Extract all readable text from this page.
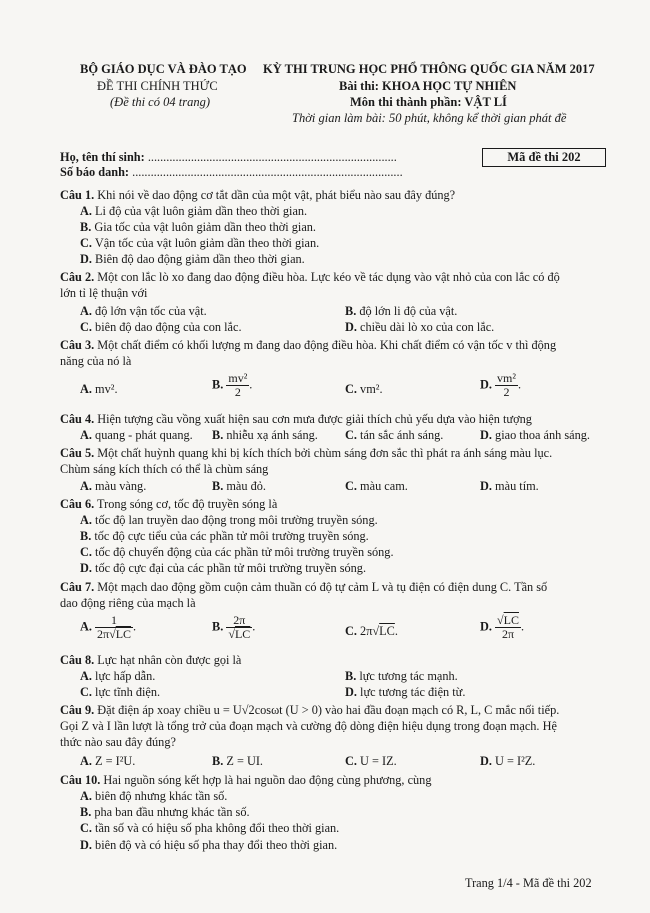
BỘ GIÁO DỤC VÀ ĐÀO TẠO
ĐỀ THI CHÍNH THỨC
(Đề thi có 04 trang)
KỲ THI TRUNG HỌC PHỔ THÔNG QUỐC GIA NĂM 2017
Bài thi: KHOA HỌC TỰ NHIÊN
Môn thi thành phần: VẬT LÍ
Thời gian làm bài: 50 phút, không kể thời gian phát đề
Họ, tên thí sinh: .................................................................................
Số báo danh: ........................................................................................
Mã đề thi 202
Câu 1. Khi nói về dao động cơ tắt dần của một vật, phát biểu nào sau đây đúng?
A. Li độ của vật luôn giảm dần theo thời gian.
B. Gia tốc của vật luôn giảm dần theo thời gian.
C. Vận tốc của vật luôn giảm dần theo thời gian.
D. Biên độ dao động giảm dần theo thời gian.
Câu 2. Một con lắc lò xo đang dao động điều hòa. Lực kéo về tác dụng vào vật nhỏ của con lắc có độ
lớn tỉ lệ thuận với
A. độ lớn vận tốc của vật.	B. độ lớn li độ của vật.
C. biên độ dao động của con lắc.	D. chiều dài lò xo của con lắc.
Câu 3. Một chất điểm có khối lượng m đang dao động điều hòa. Khi chất điểm có vận tốc v thì động
năng của nó là
A. mv².	B. $\frac{\text{mv²}}{2}$ .	C. vm².	D. $\frac{\text{vm²}}{2}$ .
Câu 4. Hiện tượng cầu vồng xuất hiện sau cơn mưa được giải thích chủ yếu dựa vào hiện tượng
A. quang - phát quang. B. nhiễu xạ ánh sáng. C. tán sắc ánh sáng.	D. giao thoa ánh sáng.
Câu 5. Một chất huỳnh quang khi bị kích thích bởi chùm sáng đơn sắc thì phát ra ánh sáng màu lục.
Chùm sáng kích thích có thể là chùm sáng
A. màu vàng.	B. màu đỏ.	C. màu cam.	D. màu tím.
Câu 6. Trong sóng cơ, tốc độ truyền sóng là
A. tốc độ lan truyền dao động trong môi trường truyền sóng.
B. tốc độ cực tiểu của các phần tử môi trường truyền sóng.
C. tốc độ chuyển động của các phần tử môi trường truyền sóng.
D. tốc độ cực đại của các phần tử môi trường truyền sóng.
Câu 7. Một mạch dao động gồm cuộn cảm thuần có độ tự cảm L và tụ điện có điện dung C. Tần số
dao động riêng của mạch là
A. $\frac{1}{2\pi√LC}$ .	B. $\frac{2\pi}{√LC}$ .	C. 2π√LC.	D. $\frac{√LC}{2\pi}$ .
Câu 8. Lực hạt nhân còn được gọi là
A. lực hấp dẫn.	B. lực tương tác mạnh.
C. lực tĩnh điện.	D. lực tương tác điện từ.
Câu 9. Đặt điện áp xoay chiều u = U√2cosωt (U > 0) vào hai đầu đoạn mạch có R, L, C mắc nối tiếp.
Gọi Z và I lần lượt là tổng trở của đoạn mạch và cường độ dòng điện hiệu dụng trong đoạn mạch. Hệ
thức nào sau đây đúng?
A. Z = I²U.	B. Z = UI.	C. U = IZ.	D. U = I²Z.
Câu 10. Hai nguồn sóng kết hợp là hai nguồn dao động cùng phương, cùng
A. biên độ nhưng khác tần số.
B. pha ban đầu nhưng khác tần số.
C. tần số và có hiệu số pha không đổi theo thời gian.
D. biên độ và có hiệu số pha thay đổi theo thời gian.
Trang 1/4 - Mã đề thi 202
